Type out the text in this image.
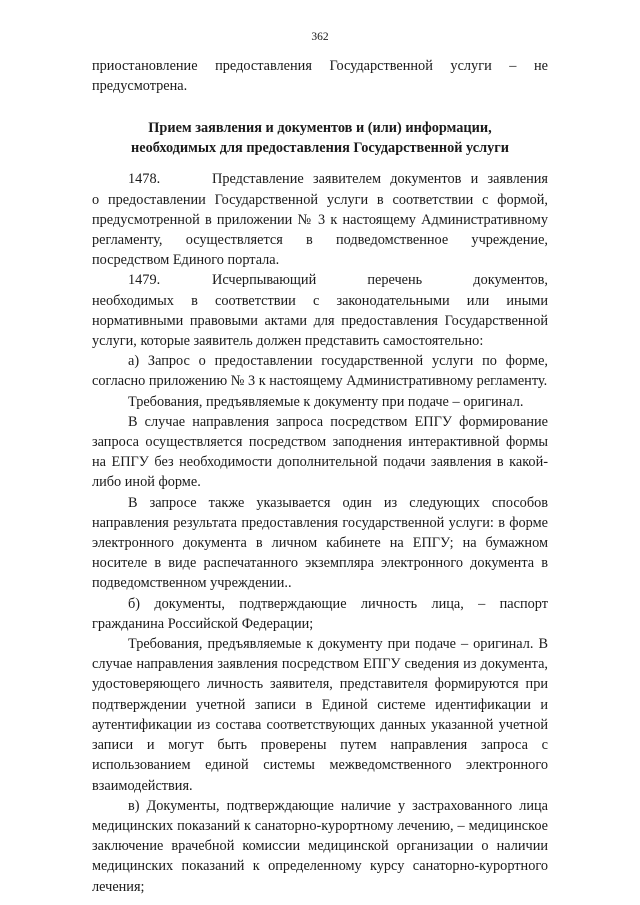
362

приостановление предоставления Государственной услуги – не предусмотрена.

Прием заявления и документов и (или) информации,
необходимых для предоставления Государственной услуги
1478.	Представление заявителем документов и заявления

о предоставлении Государственной услуги в соответствии с формой, предусмотренной в приложении № 3 к настоящему Административному регламенту, осуществляется в подведомственное учреждение, посредством Единого портала.

1479.	Исчерпывающий перечень документов,

необходимых в соответствии с законодательными или иными нормативными правовыми актами для предоставления Государственной услуги, которые заявитель должен представить самостоятельно:

а) Запрос о предоставлении государственной услуги по форме, согласно приложению № 3 к настоящему Административному регламенту.

Требования, предъявляемые к документу при подаче – оригинал.

В случае направления запроса посредством ЕПГУ формирование запроса осуществляется посредством заподнения интерактивной формы на ЕПГУ без необходимости дополнительной подачи заявления в какой-либо иной форме.

В запросе также указывается один из следующих способов направления результата предоставления государственной услуги: в форме электронного документа в личном кабинете на ЕПГУ; на бумажном носителе в виде распечатанного экземпляра электронного документа в подведомственном учреждении..

б) документы, подтверждающие личность лица, – паспорт гражданина Российской Федерации;

Требования, предъявляемые к документу при подаче – оригинал. В случае направления заявления посредством ЕПГУ сведения из документа, удостоверяющего личность заявителя, представителя формируются при подтверждении учетной записи в Единой системе идентификации и аутентификации из состава соответствующих данных указанной учетной записи и могут быть проверены путем направления запроса с использованием единой системы межведомственного электронного взаимодействия.

в) Документы, подтверждающие наличие у застрахованного лица медицинских показаний к санаторно-курортному лечению, – медицинское заключение врачебной комиссии медицинской организации о наличии медицинских показаний к определенному курсу санаторно-курортного лечения;
